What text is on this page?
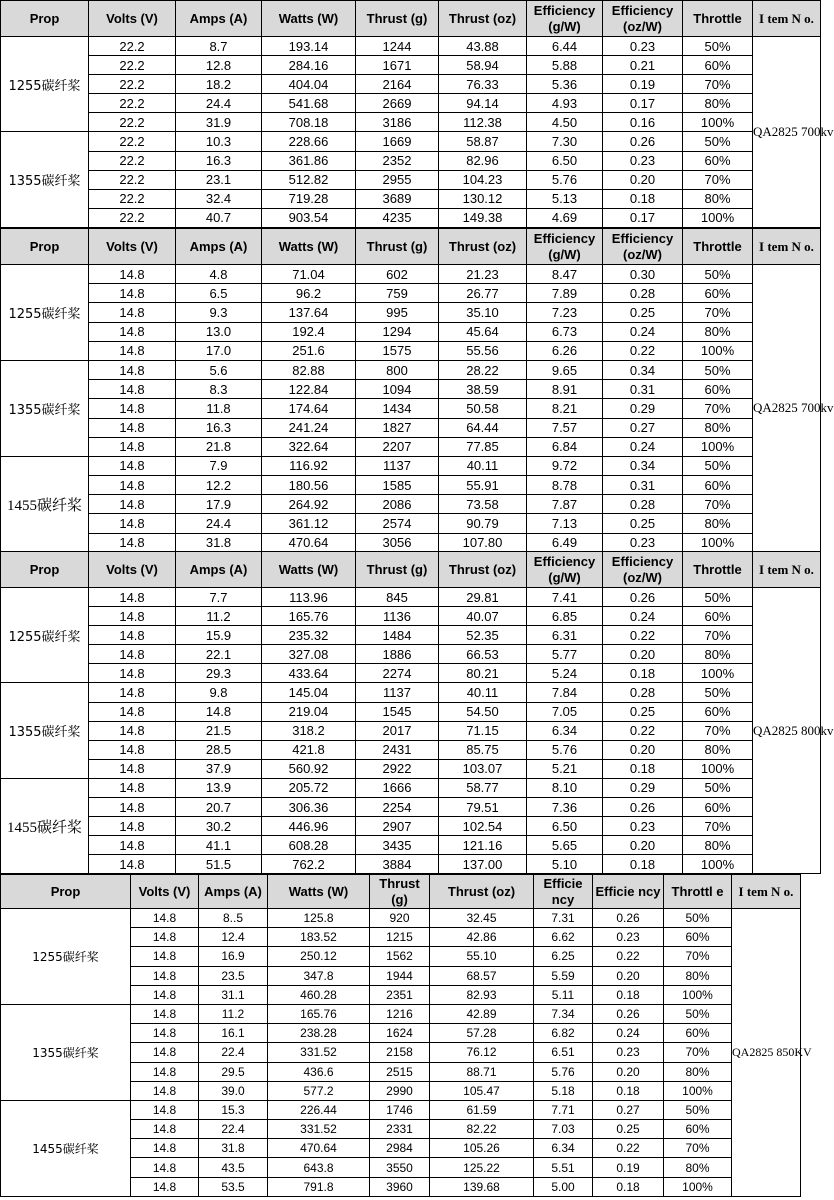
Prop	Volts (V)	Amps (A)	Watts (W)	Thrust (g)	Thrust (oz)	Efficiency (g/W)	Efficiency (oz/W)	Throttle	I tem N o.
1255碳纤桨	22.2	8.7	193.14	1244	43.88	6.44	0.23	50%	QA2825 700kv
	22.2	12.8	284.16	1671	58.94	5.88	0.21	60%	
	22.2	18.2	404.04	2164	76.33	5.36	0.19	70%	
	22.2	24.4	541.68	2669	94.14	4.93	0.17	80%	
	22.2	31.9	708.18	3186	112.38	4.50	0.16	100%	
1355碳纤桨	22.2	10.3	228.66	1669	58.87	7.30	0.26	50%	
	22.2	16.3	361.86	2352	82.96	6.50	0.23	60%	
	22.2	23.1	512.82	2955	104.23	5.76	0.20	70%	
	22.2	32.4	719.28	3689	130.12	5.13	0.18	80%	
	22.2	40.7	903.54	4235	149.38	4.69	0.17	100%	
Prop	Volts (V)	Amps (A)	Watts (W)	Thrust (g)	Thrust (oz)	Efficiency (g/W)	Efficiency (oz/W)	Throttle	I tem N o.
1255碳纤桨	14.8	4.8	71.04	602	21.23	8.47	0.30	50%	QA2825 700kv
	14.8	6.5	96.2	759	26.77	7.89	0.28	60%	
	14.8	9.3	137.64	995	35.10	7.23	0.25	70%	
	14.8	13.0	192.4	1294	45.64	6.73	0.24	80%	
	14.8	17.0	251.6	1575	55.56	6.26	0.22	100%	
1355碳纤桨	14.8	5.6	82.88	800	28.22	9.65	0.34	50%	
	14.8	8.3	122.84	1094	38.59	8.91	0.31	60%	
	14.8	11.8	174.64	1434	50.58	8.21	0.29	70%	
	14.8	16.3	241.24	1827	64.44	7.57	0.27	80%	
	14.8	21.8	322.64	2207	77.85	6.84	0.24	100%	
1455碳纤桨	14.8	7.9	116.92	1137	40.11	9.72	0.34	50%	
	14.8	12.2	180.56	1585	55.91	8.78	0.31	60%	
	14.8	17.9	264.92	2086	73.58	7.87	0.28	70%	
	14.8	24.4	361.12	2574	90.79	7.13	0.25	80%	
	14.8	31.8	470.64	3056	107.80	6.49	0.23	100%	
Prop	Volts (V)	Amps (A)	Watts (W)	Thrust (g)	Thrust (oz)	Efficiency (g/W)	Efficiency (oz/W)	Throttle	I tem N o.
1255碳纤桨	14.8	7.7	113.96	845	29.81	7.41	0.26	50%	QA2825 800kv
	14.8	11.2	165.76	1136	40.07	6.85	0.24	60%	
	14.8	15.9	235.32	1484	52.35	6.31	0.22	70%	
	14.8	22.1	327.08	1886	66.53	5.77	0.20	80%	
	14.8	29.3	433.64	2274	80.21	5.24	0.18	100%	
1355碳纤桨	14.8	9.8	145.04	1137	40.11	7.84	0.28	50%	
	14.8	14.8	219.04	1545	54.50	7.05	0.25	60%	
	14.8	21.5	318.2	2017	71.15	6.34	0.22	70%	
	14.8	28.5	421.8	2431	85.75	5.76	0.20	80%	
	14.8	37.9	560.92	2922	103.07	5.21	0.18	100%	
1455碳纤桨	14.8	13.9	205.72	1666	58.77	8.10	0.29	50%	
	14.8	20.7	306.36	2254	79.51	7.36	0.26	60%	
	14.8	30.2	446.96	2907	102.54	6.50	0.23	70%	
	14.8	41.1	608.28	3435	121.16	5.65	0.20	80%	
	14.8	51.5	762.2	3884	137.00	5.10	0.18	100%	
Prop	Volts (V)	Amps (A)	Watts (W)	Thrust (g)	Thrust (oz)	Efficie ncy	Efficie ncy	Throttl e	I tem N o.
1255碳纤桨	14.8	8..5	125.8	920	32.45	7.31	0.26	50%	QA2825 850KV
	14.8	12.4	183.52	1215	42.86	6.62	0.23	60%	
	14.8	16.9	250.12	1562	55.10	6.25	0.22	70%	
	14.8	23.5	347.8	1944	68.57	5.59	0.20	80%	
	14.8	31.1	460.28	2351	82.93	5.11	0.18	100%	
1355碳纤桨	14.8	11.2	165.76	1216	42.89	7.34	0.26	50%	
	14.8	16.1	238.28	1624	57.28	6.82	0.24	60%	
	14.8	22.4	331.52	2158	76.12	6.51	0.23	70%	
	14.8	29.5	436.6	2515	88.71	5.76	0.20	80%	
	14.8	39.0	577.2	2990	105.47	5.18	0.18	100%	
1455碳纤桨	14.8	15.3	226.44	1746	61.59	7.71	0.27	50%	
	14.8	22.4	331.52	2331	82.22	7.03	0.25	60%	
	14.8	31.8	470.64	2984	105.26	6.34	0.22	70%	
	14.8	43.5	643.8	3550	125.22	5.51	0.19	80%	
	14.8	53.5	791.8	3960	139.68	5.00	0.18	100%	
